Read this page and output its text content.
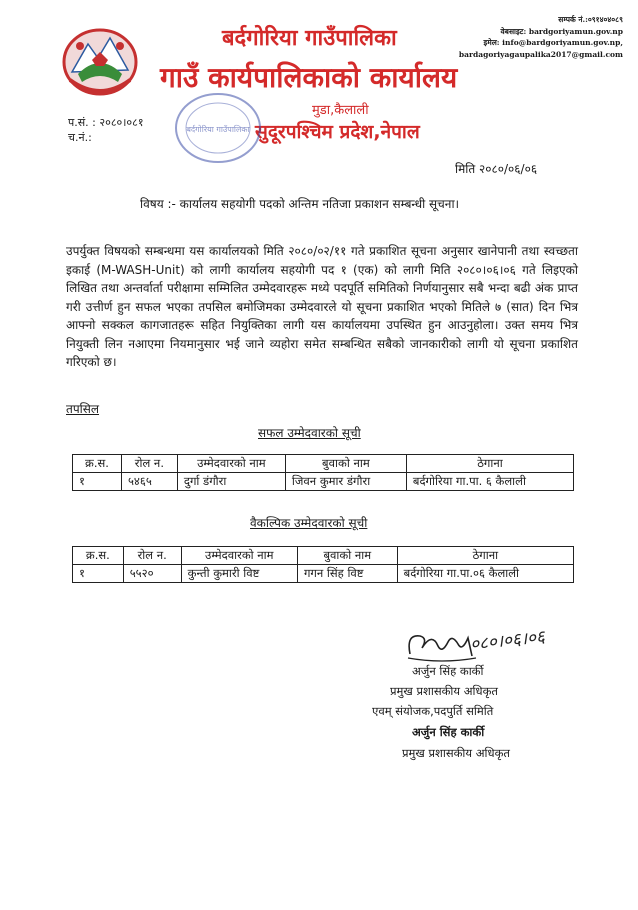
बर्दगोरिया गाउँपालिका
गाउँ कार्यपालिकाको कार्यालय
मुडा,कैलाली
सुदूरपश्चिम प्रदेश,नेपाल
सम्पर्क नं.:०९१४०४०८९
वेबसाइट: bardgoriyamun.gov.np
इमेल: info@bardgoriyamun.gov.np, bardagoriyagaupalika2017@gmail.com
प.सं. : २०८०।०८१
च.नं.:
बर्दगोरिया गाउँपालिका
मिति २०८०/०६/०६
विषय :- कार्यालय सहयोगी पदको अन्तिम नतिजा प्रकाशन सम्बन्धी सूचना।
उपर्युक्त विषयको सम्बन्धमा यस कार्यालयको मिति २०८०/०२/११ गते प्रकाशित सूचना अनुसार खानेपानी तथा स्वच्छता इकाई (M-WASH-Unit) को लागी कार्यालय सहयोगी पद १ (एक) को लागी मिति २०८०।०६।०६ गते लिइएको लिखित तथा अन्तर्वार्ता परीक्षामा सम्मिलित उम्मेदवारहरू मध्ये पदपूर्ति समितिको निर्णयानुसार सबै भन्दा बढी अंक प्राप्त गरी उत्तीर्ण हुन सफल भएका तपसिल बमोजिमका उम्मेदवारले यो सूचना प्रकाशित भएको मितिले ७ (सात) दिन भित्र आफ्नो सक्कल कागजातहरू सहित नियुक्तिका लागी यस कार्यालयमा उपस्थित हुन आउनुहोला। उक्त समय भित्र नियुक्ती लिन नआएमा नियमानुसार भई जाने व्यहोरा समेत सम्बन्धित सबैको जानकारीको लागी यो सूचना प्रकाशित गरिएको छ।
तपसिल
सफल उम्मेदवारको सूची
क्र.स.	रोल न.	उम्मेदवारको नाम	बुवाको नाम	ठेगाना
१	५४६५	दुर्गा डंगौरा	जिवन कुमार डंगौरा	बर्दगोरिया गा.पा. ६ कैलाली
वैकल्पिक उम्मेदवारको सूची
क्र.स.	रोल न.	उम्मेदवारको नाम	बुवाको नाम	ठेगाना
१	५५२०	कुन्ती कुमारी विष्ट	गगन सिंह विष्ट	बर्दगोरिया गा.पा.०६ कैलाली
०८०।०६।०६
अर्जुन सिंह कार्की
प्रमुख प्रशासकीय अधिकृत
एवम् संयोजक,पदपुर्ति समिति
अर्जुन सिंह कार्की
प्रमुख प्रशासकीय अधिकृत
